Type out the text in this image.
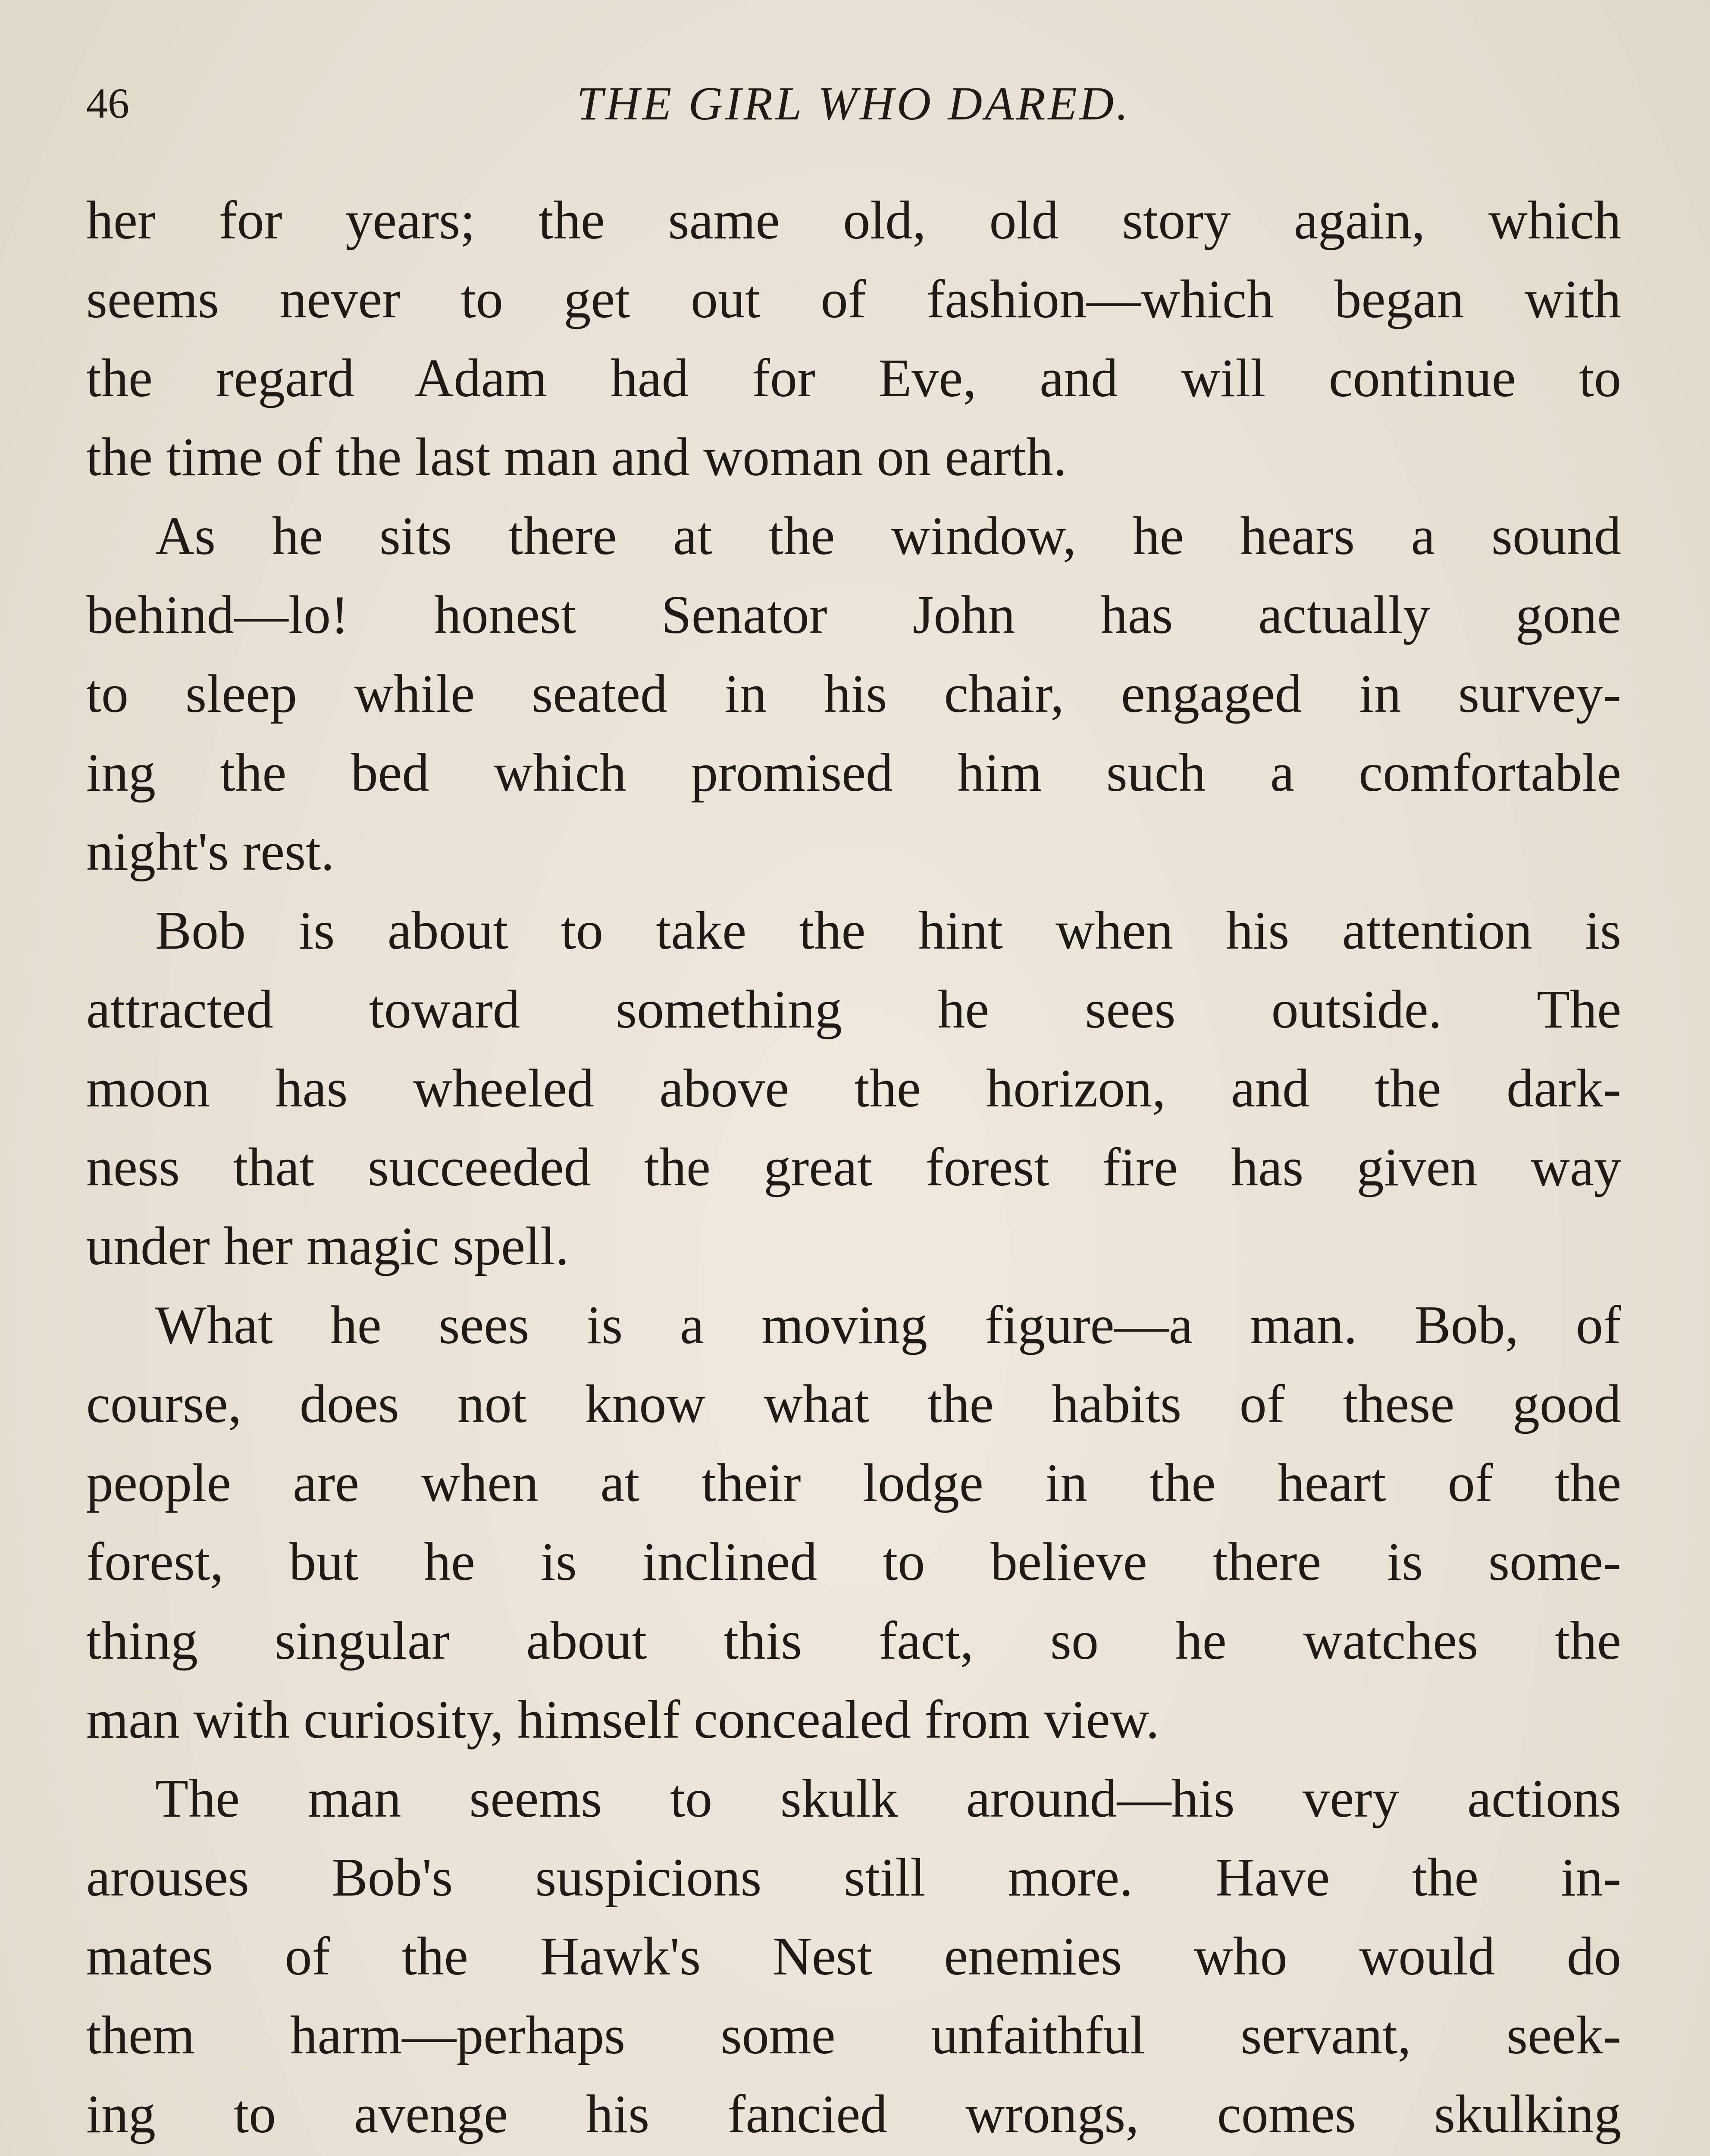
46	THE GIRL WHO DARED.

her for years; the same old, old story again, which
seems never to get out of fashion—which began with
the regard Adam had for Eve, and will continue to
the time of the last man and woman on earth.

As he sits there at the window, he hears a sound
behind—lo! honest Senator John has actually gone
to sleep while seated in his chair, engaged in survey-
ing the bed which promised him such a comfortable
night's rest.

Bob is about to take the hint when his attention is
attracted toward something he sees outside. The
moon has wheeled above the horizon, and the dark-
ness that succeeded the great forest fire has given way
under her magic spell.

What he sees is a moving figure—a man. Bob, of
course, does not know what the habits of these good
people are when at their lodge in the heart of the
forest, but he is inclined to believe there is some-
thing singular about this fact, so he watches the
man with curiosity, himself concealed from view.

The man seems to skulk around—his very actions
arouses Bob's suspicions still more. Have the in-
mates of the Hawk's Nest enemies who would do
them harm—perhaps some unfaithful servant, seek-
ing to avenge his fancied wrongs, comes skulking
